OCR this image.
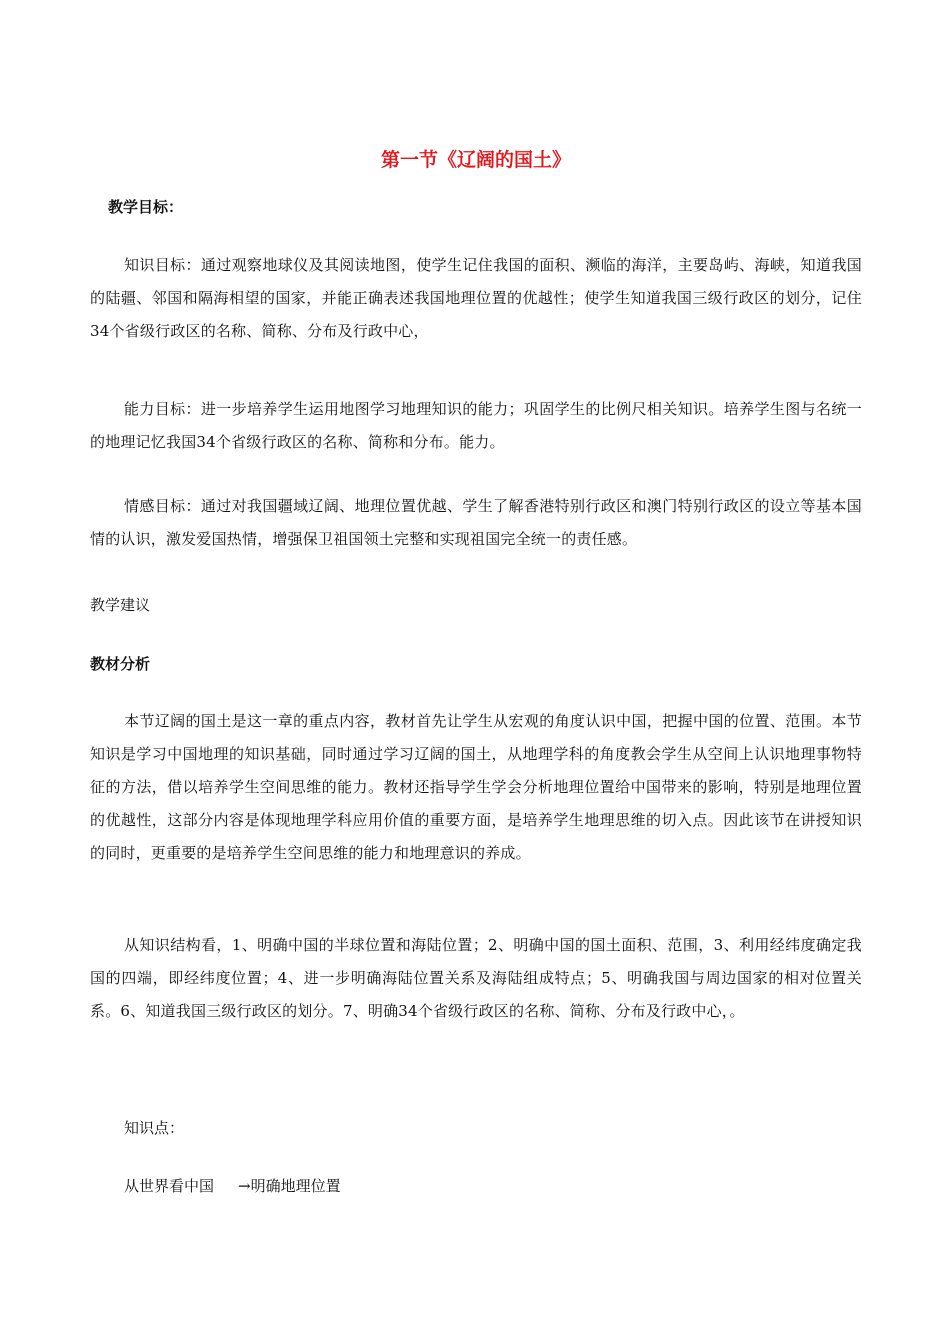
第一节《辽阔的国土》

教学目标：

知识目标：通过观察地球仪及其阅读地图，使学生记住我国的面积、濒临的海洋，主要岛屿、海峡，知道我国的陆疆、邻国和隔海相望的国家，并能正确表述我国地理位置的优越性；使学生知道我国三级行政区的划分，记住34个省级行政区的名称、简称、分布及行政中心，

能力目标：进一步培养学生运用地图学习地理知识的能力；巩固学生的比例尺相关知识。培养学生图与名统一的地理记忆我国34个省级行政区的名称、简称和分布。能力。

情感目标：通过对我国疆域辽阔、地理位置优越、学生了解香港特别行政区和澳门特别行政区的设立等基本国情的认识，激发爱国热情，增强保卫祖国领土完整和实现祖国完全统一的责任感。

教学建议

教材分析

本节辽阔的国土是这一章的重点内容，教材首先让学生从宏观的角度认识中国，把握中国的位置、范围。本节知识是学习中国地理的知识基础，同时通过学习辽阔的国土，从地理学科的角度教会学生从空间上认识地理事物特征的方法，借以培养学生空间思维的能力。教材还指导学生学会分析地理位置给中国带来的影响，特别是地理位置的优越性，这部分内容是体现地理学科应用价值的重要方面，是培养学生地理思维的切入点。因此该节在讲授知识的同时，更重要的是培养学生空间思维的能力和地理意识的养成。

从知识结构看，1、明确中国的半球位置和海陆位置；2、明确中国的国土面积、范围，3、利用经纬度确定我国的四端，即经纬度位置；4、进一步明确海陆位置关系及海陆组成特点；5、明确我国与周边国家的相对位置关系。6、知道我国三级行政区的划分。7、明确34个省级行政区的名称、简称、分布及行政中心，。

知识点：

从世界看中国 →明确地理位置
